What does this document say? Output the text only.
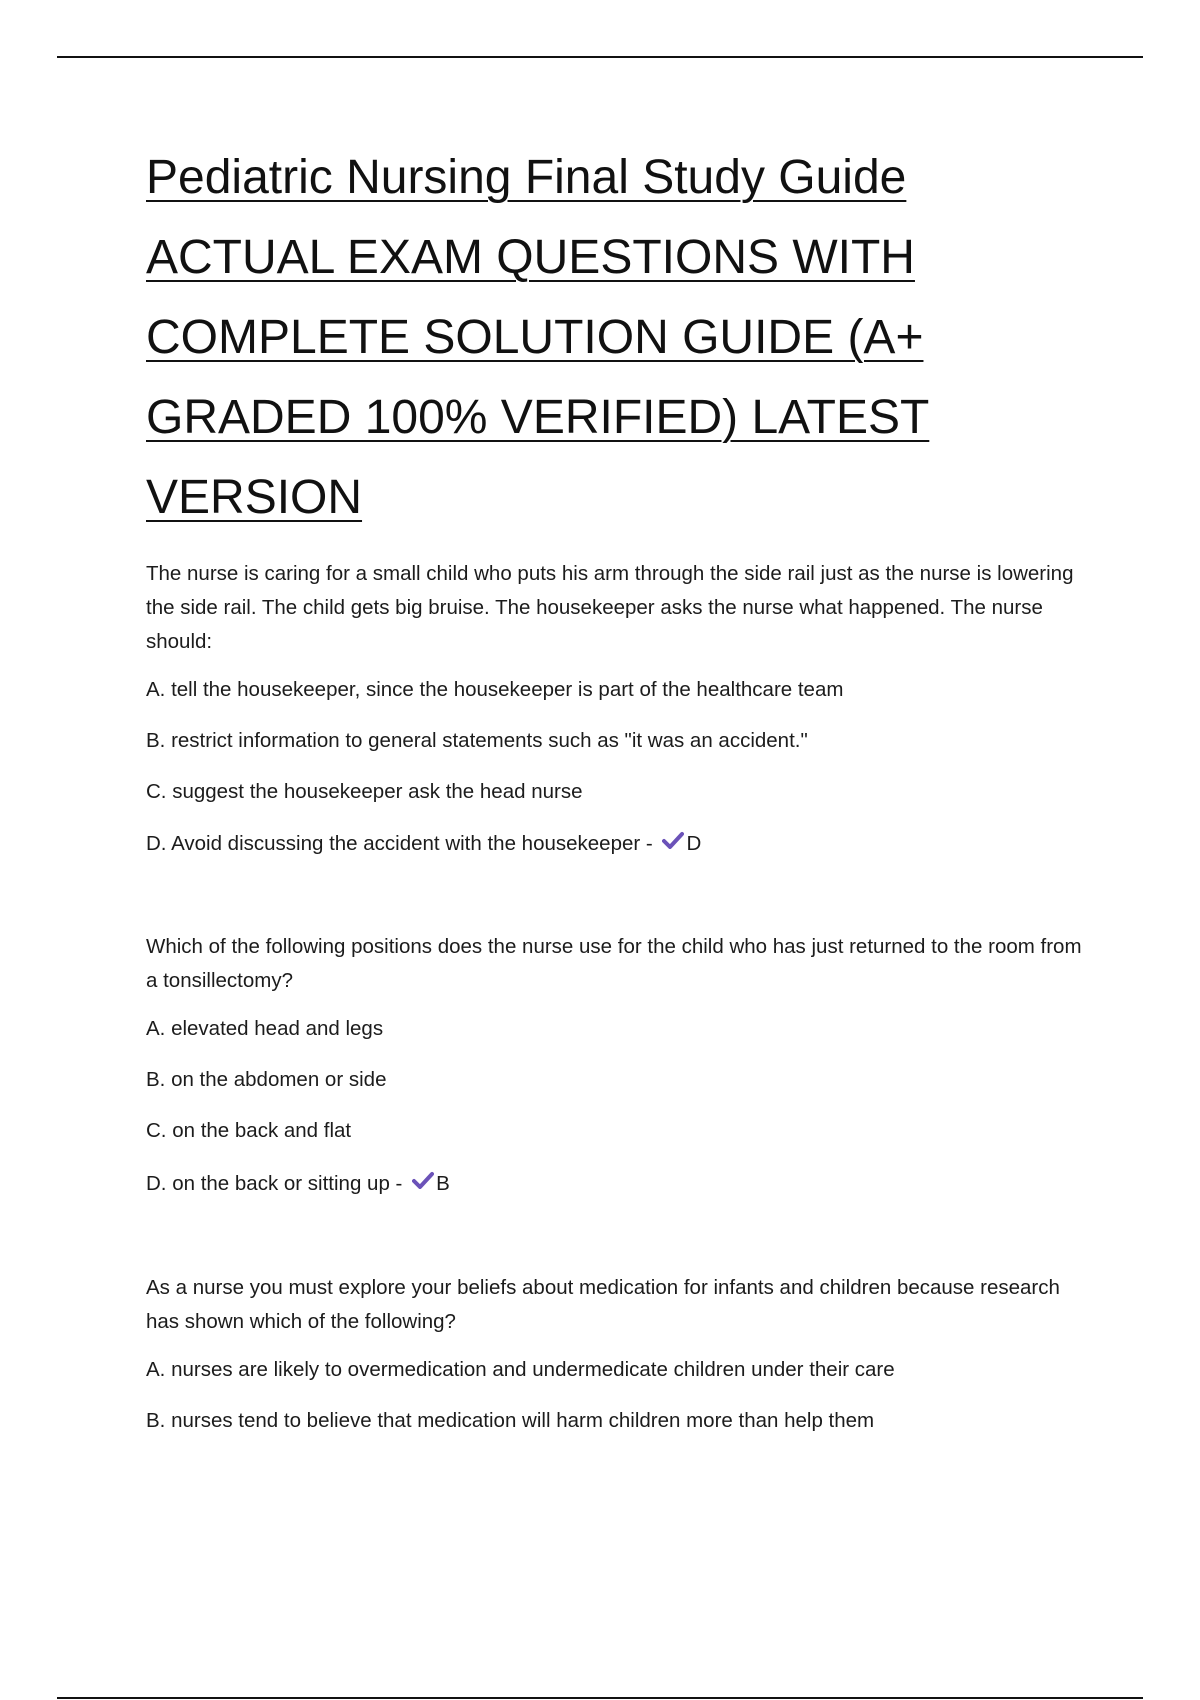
Pediatric Nursing Final Study Guide
ACTUAL EXAM QUESTIONS WITH
COMPLETE SOLUTION GUIDE (A+
GRADED 100% VERIFIED) LATEST
VERSION

The nurse is caring for a small child who puts his arm through the side rail just as the nurse is lowering the side rail. The child gets big bruise. The housekeeper asks the nurse what happened. The nurse should:

A. tell the housekeeper, since the housekeeper is part of the healthcare team

B. restrict information to general statements such as "it was an accident."

C. suggest the housekeeper ask the head nurse

D. Avoid discussing the accident with the housekeeper - D

Which of the following positions does the nurse use for the child who has just returned to the room from a tonsillectomy?

A. elevated head and legs

B. on the abdomen or side

C. on the back and flat

D. on the back or sitting up - B

As a nurse you must explore your beliefs about medication for infants and children because research has shown which of the following?

A. nurses are likely to overmedication and undermedicate children under their care

B. nurses tend to believe that medication will harm children more than help them
